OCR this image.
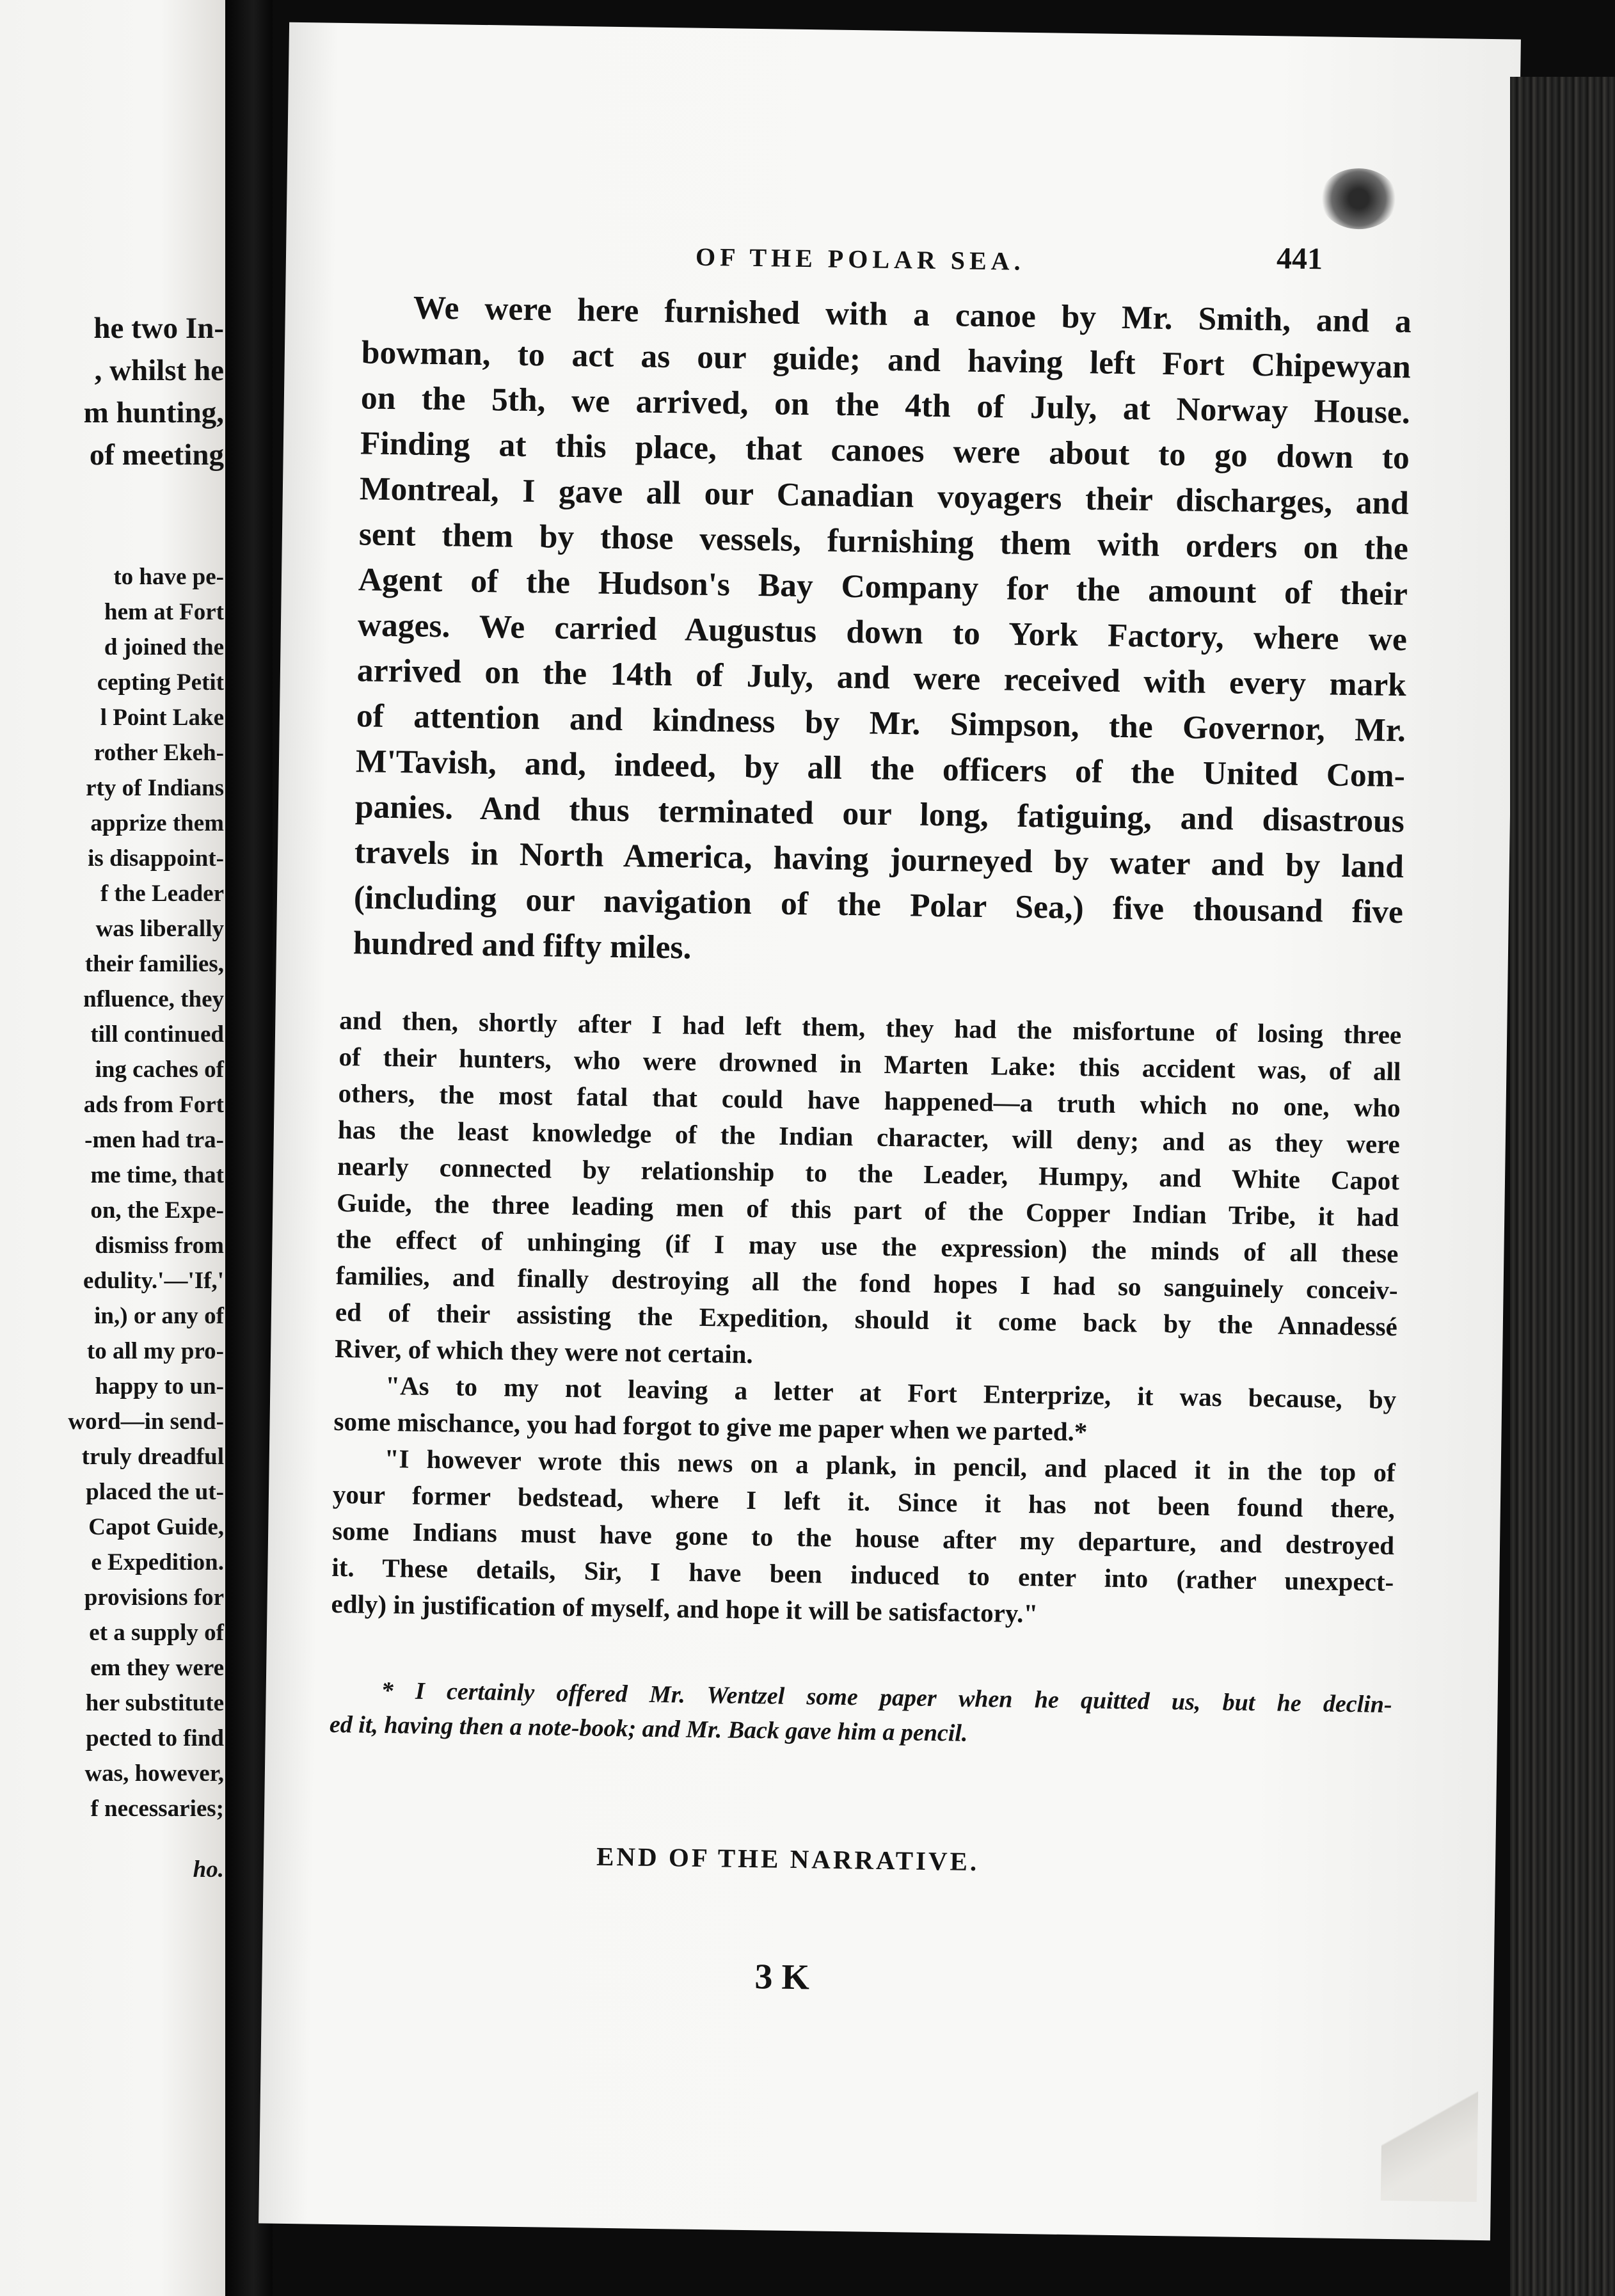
he two In-
, whilst he
m hunting,
of meeting
to have pe-
hem at Fort
d joined the
cepting Petit
l Point Lake
rother Ekeh-
rty of Indians
apprize them
is disappoint-
f the Leader
was liberally
their families,
nfluence, they
till continued
ing caches of
ads from Fort
-men had tra-
me time, that
on, the Expe-
dismiss from
edulity.'—'If,'
in,) or any of
to all my pro-
happy to un-
word—in send-
truly dreadful
placed the ut-
Capot Guide,
e Expedition.
provisions for
et a supply of
em they were
her substitute
pected to find
was, however,
f necessaries;
ho.
OF THE POLAR SEA.	441
We were here furnished with a canoe by Mr. Smith, and a
bowman, to act as our guide; and having left Fort Chipewyan
on the 5th, we arrived, on the 4th of July, at Norway House.
Finding at this place, that canoes were about to go down to
Montreal, I gave all our Canadian voyagers their discharges, and
sent them by those vessels, furnishing them with orders on the
Agent of the Hudson's Bay Company for the amount of their
wages. We carried Augustus down to York Factory, where we
arrived on the 14th of July, and were received with every mark
of attention and kindness by Mr. Simpson, the Governor, Mr.
M'Tavish, and, indeed, by all the officers of the United Com-
panies. And thus terminated our long, fatiguing, and disastrous
travels in North America, having journeyed by water and by land
(including our navigation of the Polar Sea,) five thousand five
hundred and fifty miles.
and then, shortly after I had left them, they had the misfortune of losing three
of their hunters, who were drowned in Marten Lake: this accident was, of all
others, the most fatal that could have happened—a truth which no one, who
has the least knowledge of the Indian character, will deny; and as they were
nearly connected by relationship to the Leader, Humpy, and White Capot
Guide, the three leading men of this part of the Copper Indian Tribe, it had
the effect of unhinging (if I may use the expression) the minds of all these
families, and finally destroying all the fond hopes I had so sanguinely conceiv-
ed of their assisting the Expedition, should it come back by the Annadessé
River, of which they were not certain.
"As to my not leaving a letter at Fort Enterprize, it was because, by
some mischance, you had forgot to give me paper when we parted.*
"I however wrote this news on a plank, in pencil, and placed it in the top of
your former bedstead, where I left it. Since it has not been found there,
some Indians must have gone to the house after my departure, and destroyed
it. These details, Sir, I have been induced to enter into (rather unexpect-
edly) in justification of myself, and hope it will be satisfactory."
* I certainly offered Mr. Wentzel some paper when he quitted us, but he declin-
ed it, having then a note-book; and Mr. Back gave him a pencil.
END OF THE NARRATIVE.
3 K
